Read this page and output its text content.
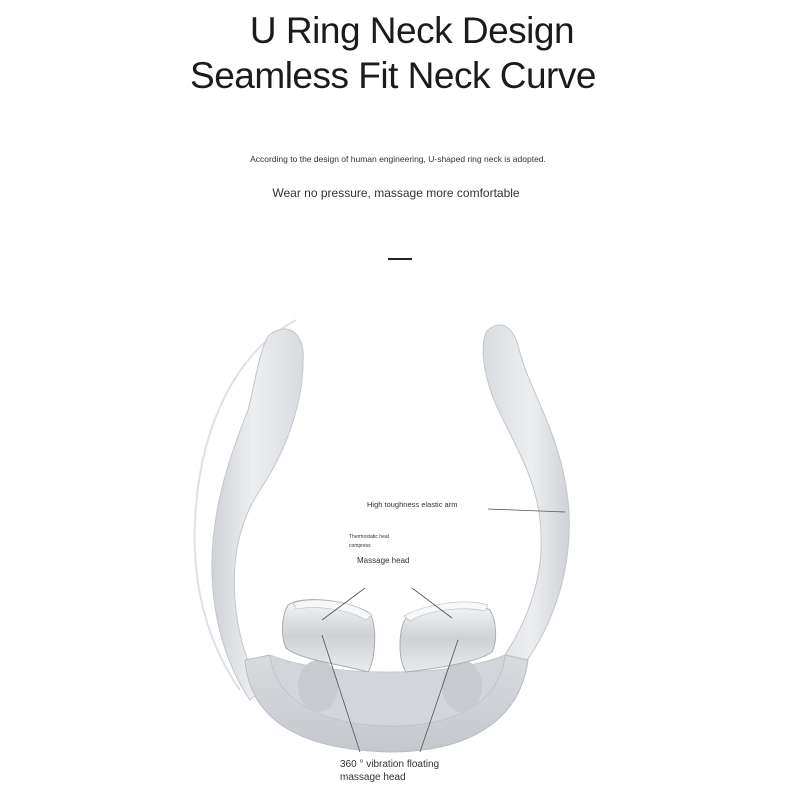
U Ring Neck Design
Seamless Fit Neck Curve
According to the design of human engineering, U-shaped ring neck is adopted.
Wear no pressure, massage more comfortable
High toughness elastic arm
Thermostatic heat compress
Massage head
360 ° vibration floating massage head
